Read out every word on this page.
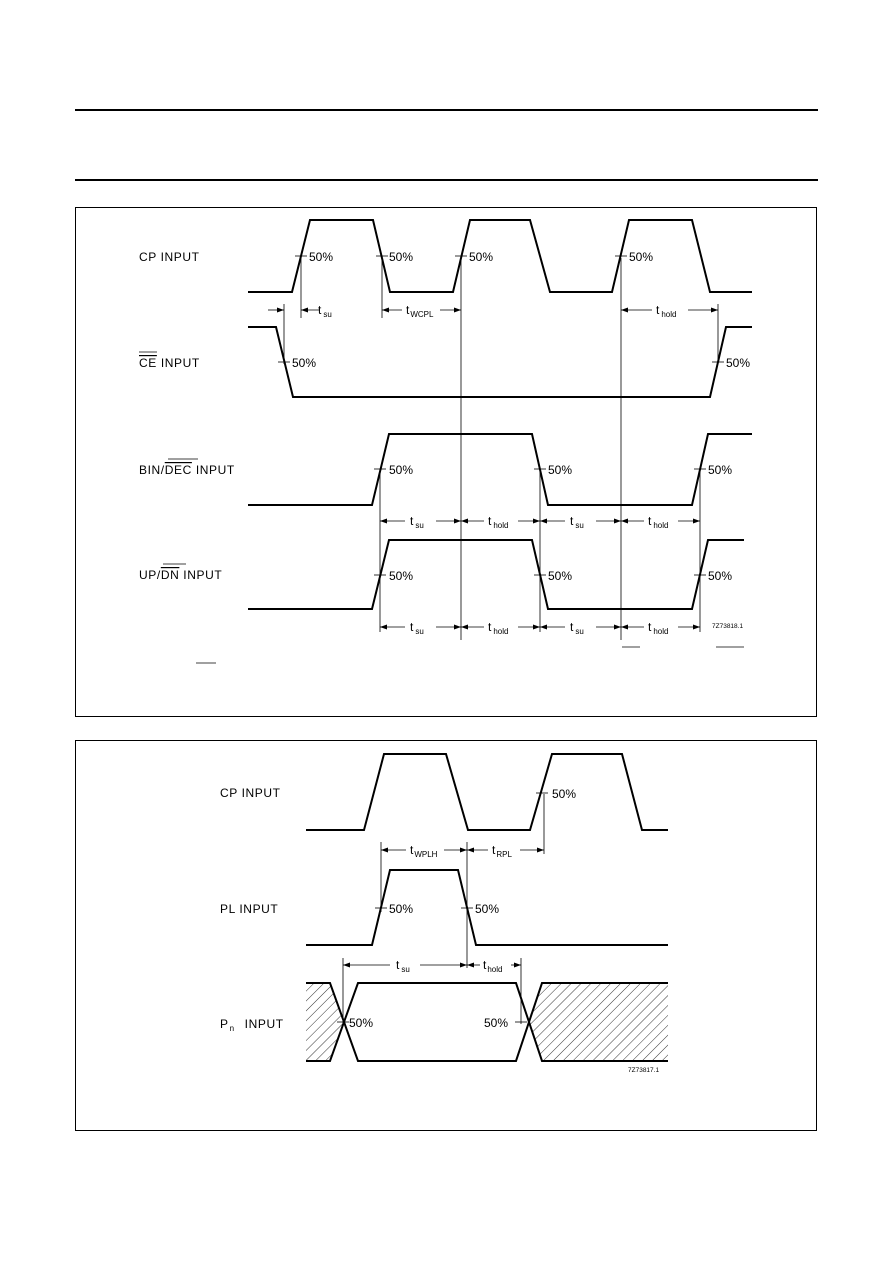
CP INPUT
CE INPUT
BIN/DEC INPUT
UP/DN INPUT
50%	50%	50%	50%
50%	50%
50%	50%	50%
50%	50%	50%
t $_{su}$	$t_{WCPL}$	t $_{hold}$
t $_{su}$	t $_{hold}$	t $_{su}$	t $_{hold}$
t $_{su}$	t $_{hold}$	t $_{su}$	t $_{hold}$
7Z73818.1
CP INPUT
PL INPUT
$P_n$ INPUT
50%
50%	50%
50%	50%
$t_{WPLH}$	$t_{RPL}$
t $_{su}$	$t_{hold}$
7Z73817.1
